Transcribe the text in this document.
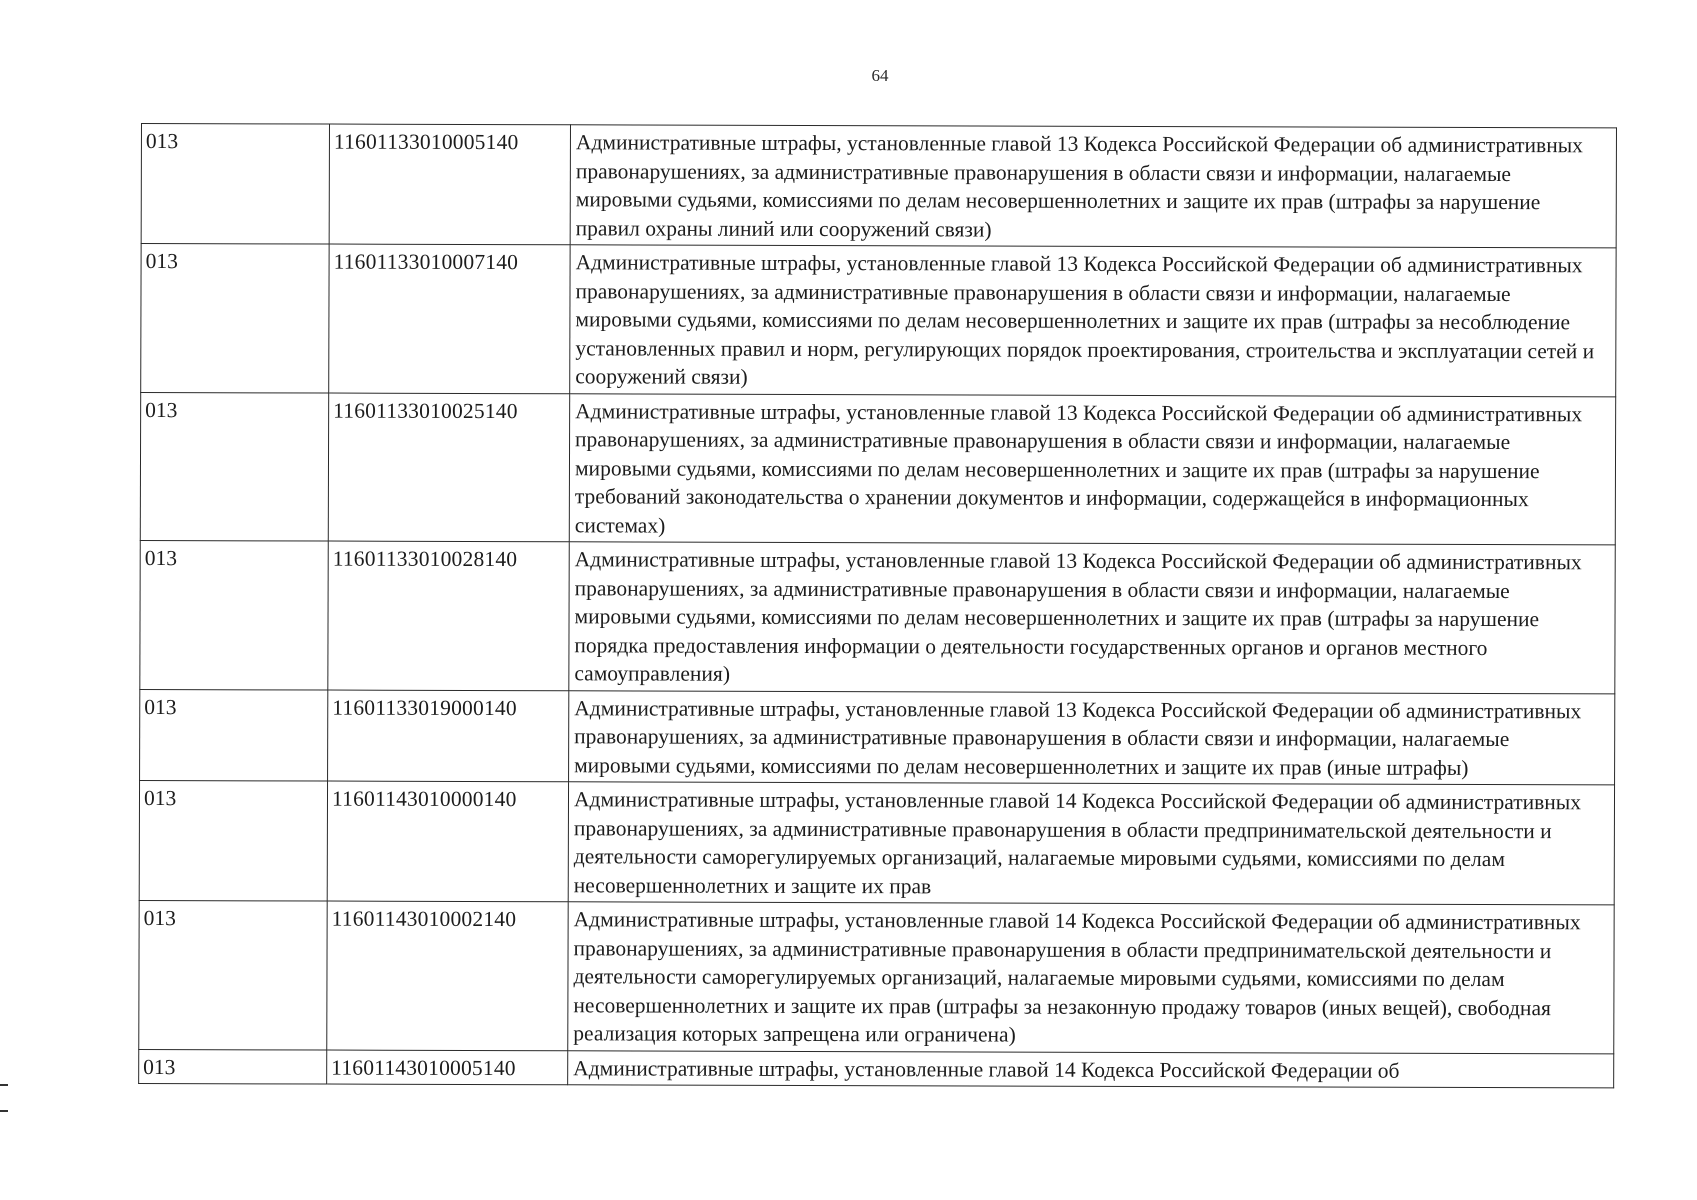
64
013	11601133010005140	Административные штрафы, установленные главой 13 Кодекса Российской Федерации об административных правонарушениях, за административные правонарушения в области связи и информации, налагаемые мировыми судьями, комиссиями по делам несовершеннолетних и защите их прав (штрафы за нарушение правил охраны линий или сооружений связи)
013	11601133010007140	Административные штрафы, установленные главой 13 Кодекса Российской Федерации об административных правонарушениях, за административные правонарушения в области связи и информации, налагаемые мировыми судьями, комиссиями по делам несовершеннолетних и защите их прав (штрафы за несоблюдение установленных правил и норм, регулирующих порядок проектирования, строительства и эксплуатации сетей и сооружений связи)
013	11601133010025140	Административные штрафы, установленные главой 13 Кодекса Российской Федерации об административных правонарушениях, за административные правонарушения в области связи и информации, налагаемые мировыми судьями, комиссиями по делам несовершеннолетних и защите их прав (штрафы за нарушение требований законодательства о хранении документов и информации, содержащейся в информационных системах)
013	11601133010028140	Административные штрафы, установленные главой 13 Кодекса Российской Федерации об административных правонарушениях, за административные правонарушения в области связи и информации, налагаемые мировыми судьями, комиссиями по делам несовершеннолетних и защите их прав (штрафы за нарушение порядка предоставления информации о деятельности государственных органов и органов местного самоуправления)
013	11601133019000140	Административные штрафы, установленные главой 13 Кодекса Российской Федерации об административных правонарушениях, за административные правонарушения в области связи и информации, налагаемые мировыми судьями, комиссиями по делам несовершеннолетних и защите их прав (иные штрафы)
013	11601143010000140	Административные штрафы, установленные главой 14 Кодекса Российской Федерации об административных правонарушениях, за административные правонарушения в области предпринимательской деятельности и деятельности саморегулируемых организаций, налагаемые мировыми судьями, комиссиями по делам несовершеннолетних и защите их прав
013	11601143010002140	Административные штрафы, установленные главой 14 Кодекса Российской Федерации об административных правонарушениях, за административные правонарушения в области предпринимательской деятельности и деятельности саморегулируемых организаций, налагаемые мировыми судьями, комиссиями по делам несовершеннолетних и защите их прав (штрафы за незаконную продажу товаров (иных вещей), свободная реализация которых запрещена или ограничена)
013	11601143010005140	Административные штрафы, установленные главой 14 Кодекса Российской Федерации об
